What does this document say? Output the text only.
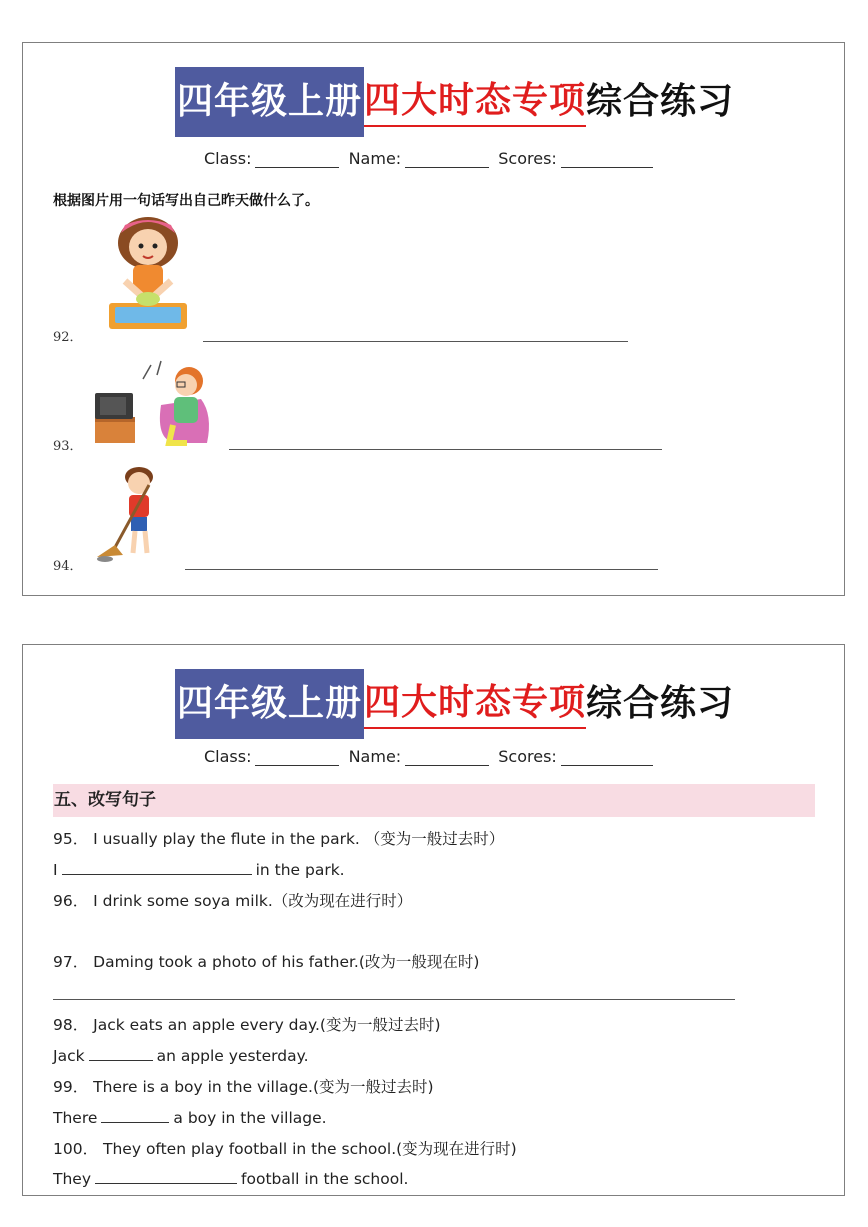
四年级上册 四大时态专项 综合练习
Class:	Name:	Scores:
根据图片用一句话写出自己昨天做什么了。
92．
93．
94．
四年级上册 四大时态专项 综合练习
Class:	Name:	Scores:
五、改写句子
95． I usually play the flute in the park. （变为一般过去时）
I	in the park.
96． I drink some soya milk.（改为现在进行时）
97． Daming took a photo of his father.(改为一般现在时)
98． Jack eats an apple every day.(变为一般过去时)
Jack	an apple yesterday.
99． There is a boy in the village.(变为一般过去时)
There	a boy in the village.
100． They often play football in the school.(变为现在进行时)
They	football in the school.
